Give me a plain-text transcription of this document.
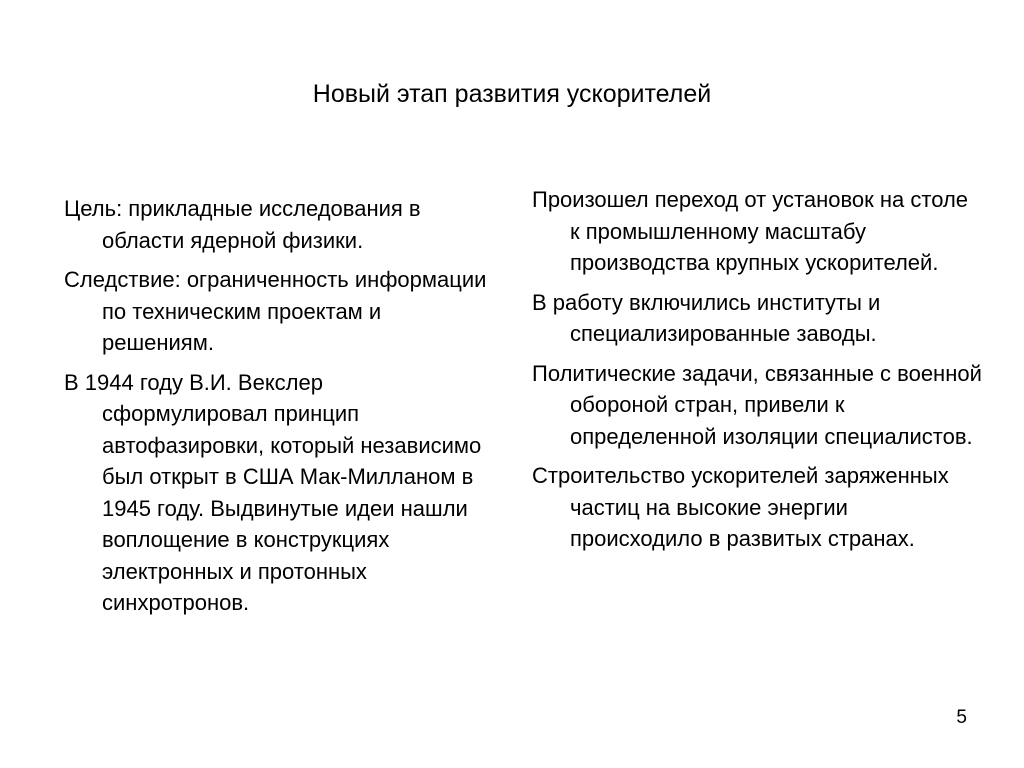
Новый этап развития ускорителей
Цель: прикладные исследования в области ядерной физики.
Следствие: ограниченность информации по техническим проектам и решениям.
В 1944 году В.И. Векслер сформулировал принцип автофазировки, который независимо был открыт в США Мак-Милланом в 1945 году. Выдвинутые идеи нашли воплощение в конструкциях электронных и протонных синхротронов.
Произошел переход от установок на столе к промышленному масштабу производства крупных ускорителей.
В работу включились институты и специализированные заводы.
Политические задачи, связанные с военной обороной стран, привели к определенной изоляции специалистов.
Строительство ускорителей заряженных частиц на высокие энергии происходило в развитых странах.
5
